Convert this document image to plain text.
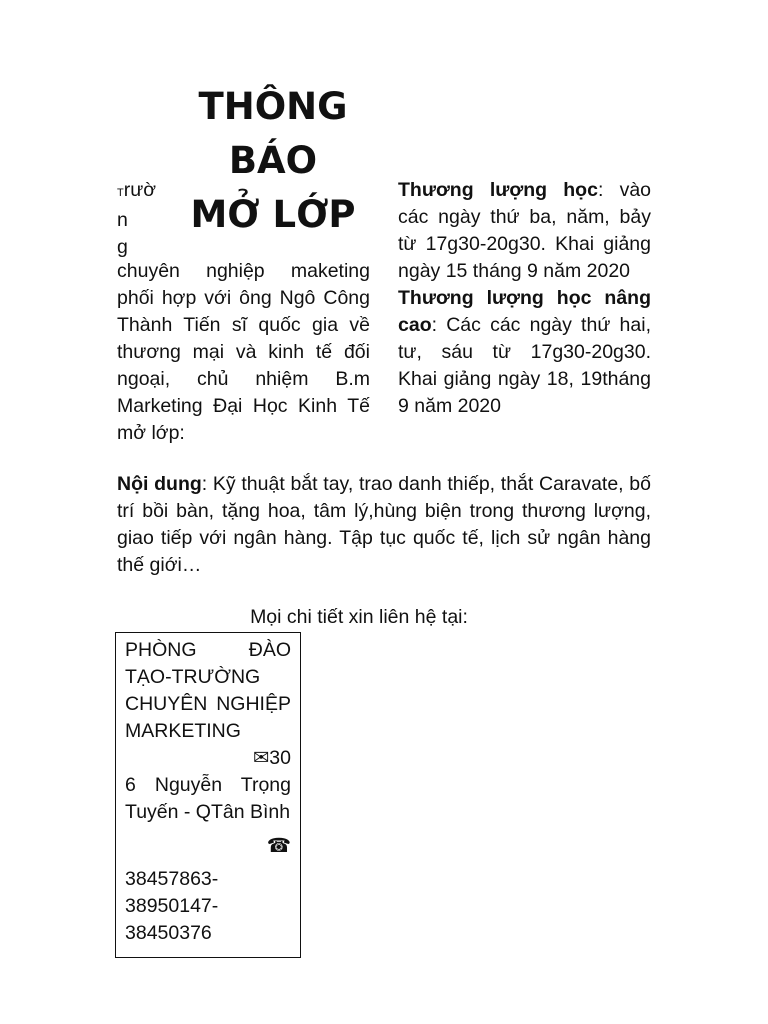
THÔNG
BÁO
MỞ LỚP
Trườ
n
g

chuyên nghiệp maketing phối hợp với ông Ngô Công Thành Tiến sĩ quốc gia về thương mại và kinh tế đối ngoại, chủ nhiệm B.m Marketing Đại Học Kinh Tế mở lớp:

Thương lượng học: vào các ngày thứ ba, năm, bảy từ 17g30-20g30. Khai giảng ngày 15 tháng 9 năm 2020

Thương lượng học nâng cao: Các các ngày thứ hai, tư, sáu từ 17g30-20g30. Khai giảng ngày 18, 19tháng 9 năm 2020

Nội dung: Kỹ thuật bắt tay, trao danh thiếp, thắt Caravate, bố trí bồi bàn, tặng hoa, tâm lý,hùng biện trong thương lượng, giao tiếp với ngân hàng. Tập tục quốc tế, lịch sử ngân hàng thế giới…

Mọi chi tiết xin liên hệ tại:

PHÒNG ĐÀO TẠO-TRƯỜNG CHUYÊN NGHIỆP MARKETING

✉30

6 Nguyễn Trọng Tuyến - QTân Bình

☎

38457863-

38950147-

38450376
